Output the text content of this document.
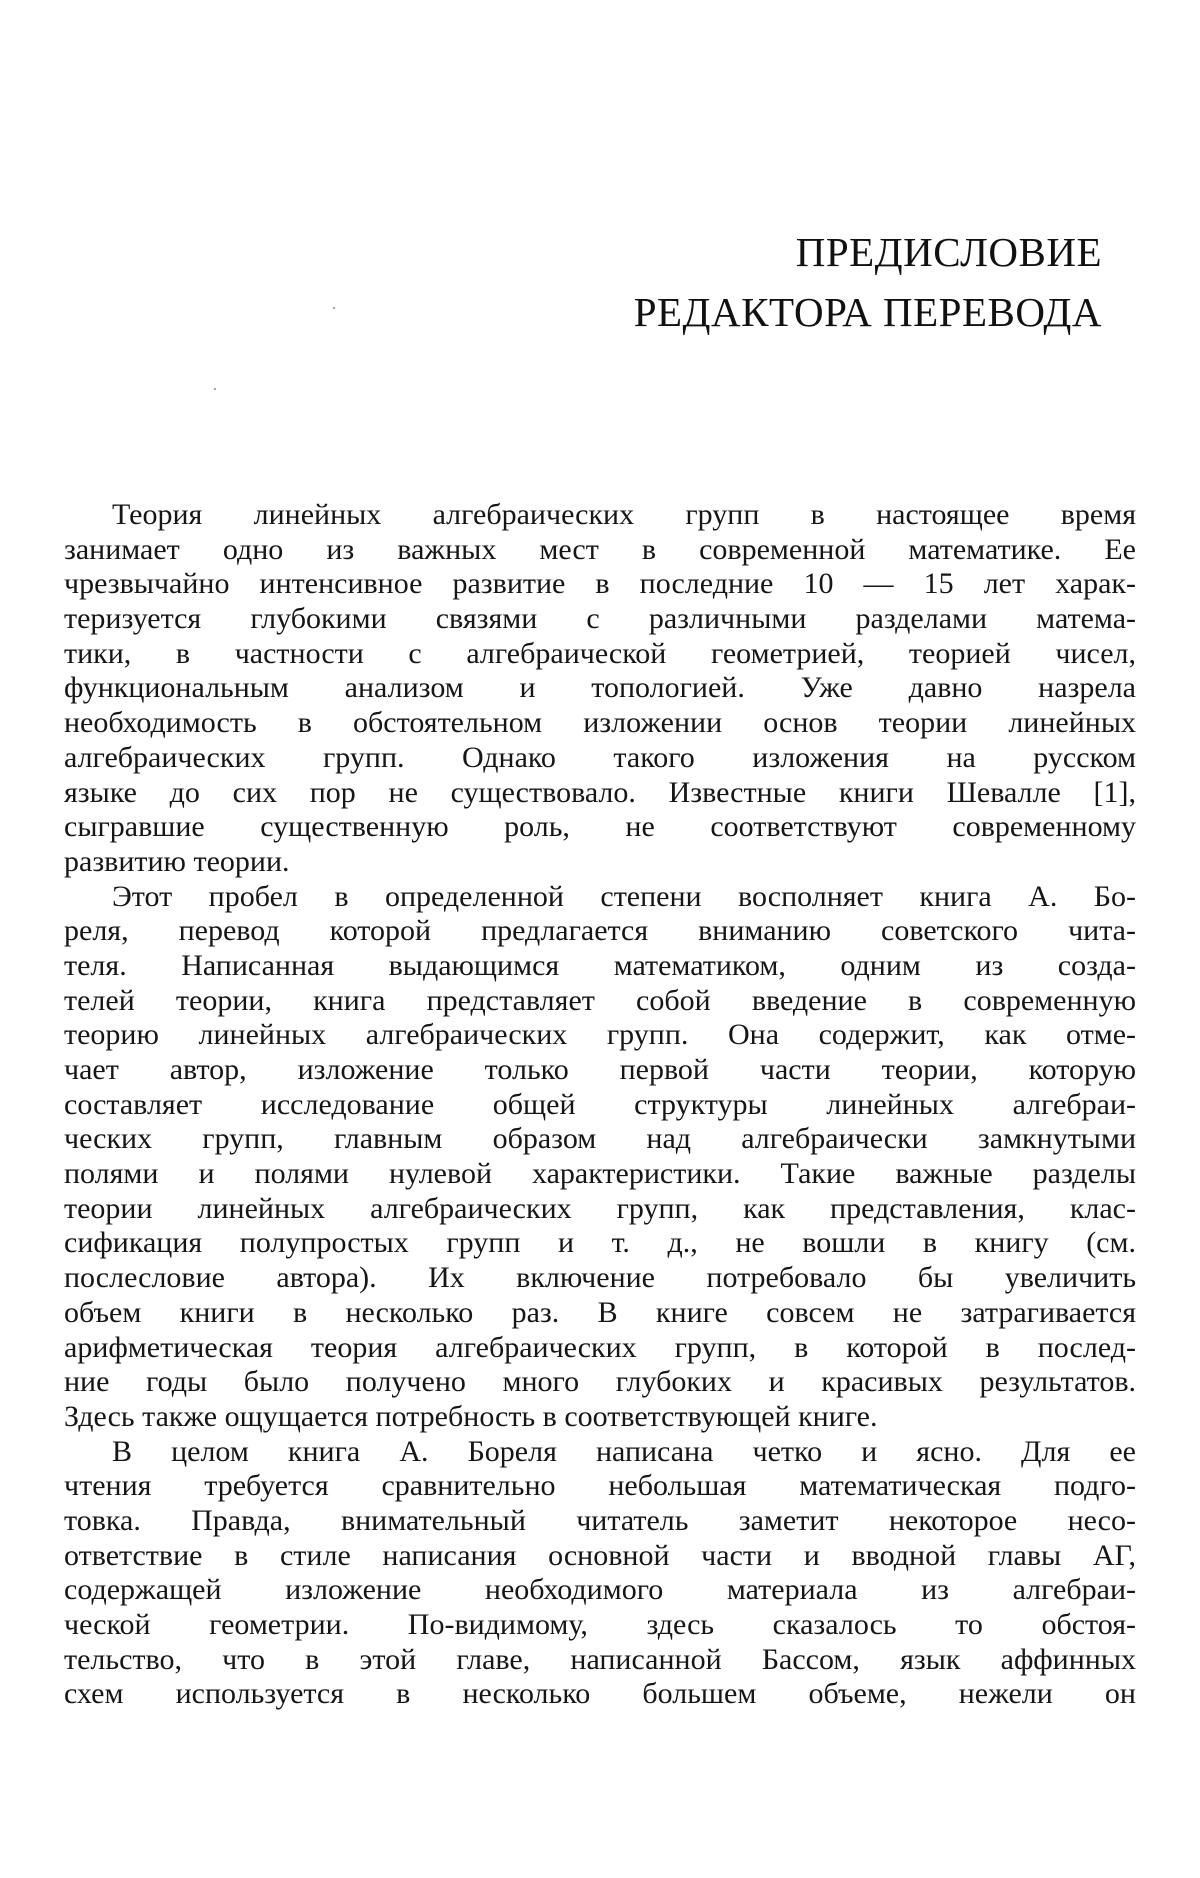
ПРЕДИСЛОВИЕ
РЕДАКТОРА ПЕРЕВОДА
Теория линейных алгебраических групп в настоящее время
занимает одно из важных мест в современной математике. Ее
чрезвычайно интенсивное развитие в последние 10 — 15 лет харак-
теризуется глубокими связями с различными разделами матема-
тики, в частности с алгебраической геометрией, теорией чисел,
функциональным анализом и топологией. Уже давно назрела
необходимость в обстоятельном изложении основ теории линейных
алгебраических групп. Однако такого изложения на русском
языке до сих пор не существовало. Известные книги Шевалле [1],
сыгравшие существенную роль, не соответствуют современному
развитию теории.
Этот пробел в определенной степени восполняет книга А. Бо-
реля, перевод которой предлагается вниманию советского чита-
теля. Написанная выдающимся математиком, одним из созда-
телей теории, книга представляет собой введение в современную
теорию линейных алгебраических групп. Она содержит, как отме-
чает автор, изложение только первой части теории, которую
составляет исследование общей структуры линейных алгебраи-
ческих групп, главным образом над алгебраически замкнутыми
полями и полями нулевой характеристики. Такие важные разделы
теории линейных алгебраических групп, как представления, клас-
сификация полупростых групп и т. д., не вошли в книгу (см.
послесловие автора). Их включение потребовало бы увеличить
объем книги в несколько раз. В книге совсем не затрагивается
арифметическая теория алгебраических групп, в которой в послед-
ние годы было получено много глубоких и красивых результатов.
Здесь также ощущается потребность в соответствующей книге.
В целом книга А. Бореля написана четко и ясно. Для ее
чтения требуется сравнительно небольшая математическая подго-
товка. Правда, внимательный читатель заметит некоторое несо-
ответствие в стиле написания основной части и вводной главы АГ,
содержащей изложение необходимого материала из алгебраи-
ческой геометрии. По-видимому, здесь сказалось то обстоя-
тельство, что в этой главе, написанной Бассом, язык аффинных
схем используется в несколько большем объеме, нежели он
